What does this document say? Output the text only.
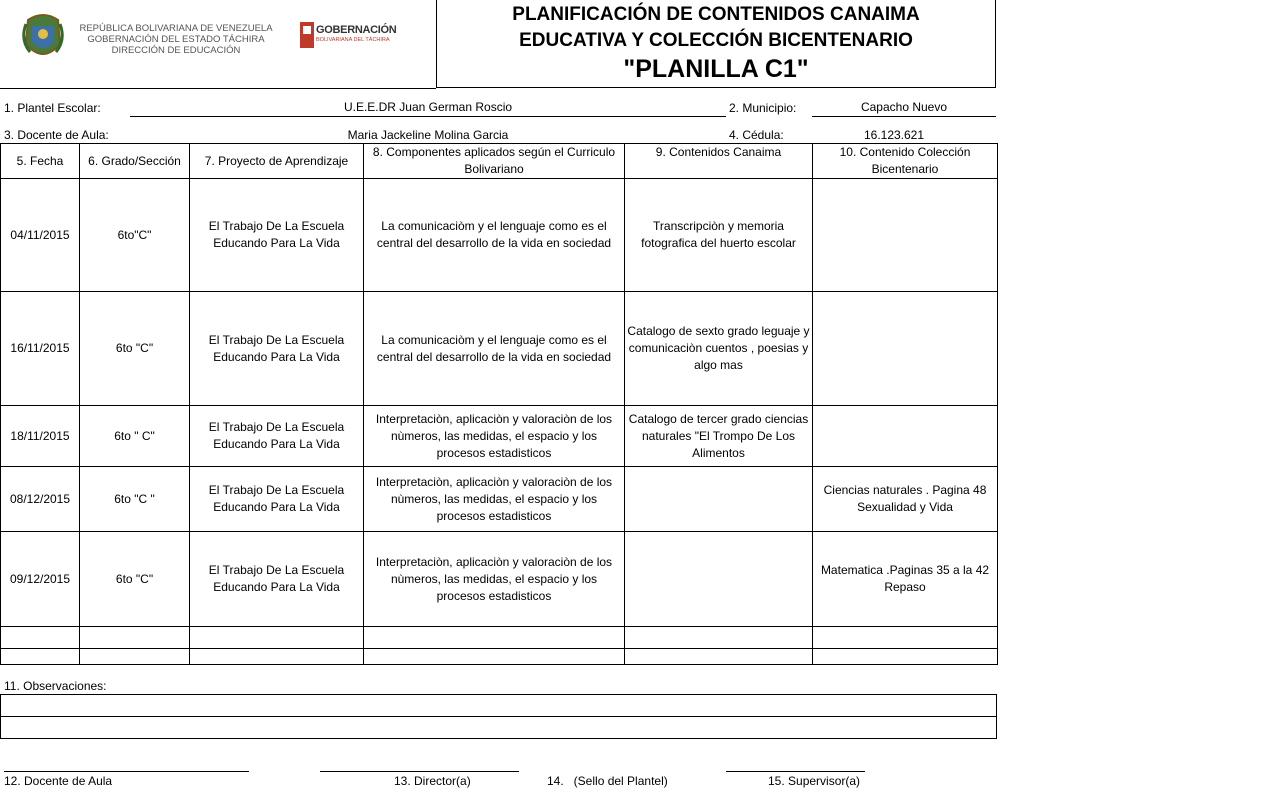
REPÚBLICA BOLIVARIANA DE VENEZUELA
GOBERNACIÓN DEL ESTADO TÁCHIRA
DIRECCIÓN DE EDUCACIÓN
GOBERNACIÓN
BOLIVARIANA DEL TÁCHIRA
PLANIFICACIÓN DE CONTENIDOS CANAIMA
EDUCATIVA Y COLECCIÓN BICENTENARIO
"PLANILLA C1"
1. Plantel Escolar:	U.E.E.DR Juan German Roscio	2. Municipio:	Capacho Nuevo
3. Docente de Aula:	Maria Jackeline Molina Garcia	4. Cédula:	16.123.621
5. Fecha	6. Grado/Sección	7. Proyecto de Aprendizaje	8. Componentes aplicados según el Curriculo Bolivariano	9. Contenidos Canaima	10. Contenido Colección Bicentenario
04/11/2015	6to"C"	El Trabajo De La Escuela Educando Para La Vida	La comunicaciòm y el lenguaje como es el central del desarrollo de la vida en sociedad	Transcripciòn y memoria fotografica del huerto escolar	
16/11/2015	6to "C"	El Trabajo De La Escuela Educando Para La Vida	La comunicaciòm y el lenguaje como es el central del desarrollo de la vida en sociedad	Catalogo de sexto grado leguaje y comunicaciòn cuentos , poesias y algo mas	
18/11/2015	6to " C"	El Trabajo De La Escuela Educando Para La Vida	Interpretaciòn, aplicaciòn y valoraciòn de los nùmeros, las medidas, el espacio y los procesos estadisticos	Catalogo de tercer grado ciencias naturales "El Trompo De Los Alimentos	
08/12/2015	6to "C "	El Trabajo De La Escuela Educando Para La Vida	Interpretaciòn, aplicaciòn y valoraciòn de los nùmeros, las medidas, el espacio y los procesos estadisticos		Ciencias naturales . Pagina 48 Sexualidad y Vida
09/12/2015	6to "C"	El Trabajo De La Escuela Educando Para La Vida	Interpretaciòn, aplicaciòn y valoraciòn de los nùmeros, las medidas, el espacio y los procesos estadisticos		Matematica .Paginas 35 a la 42 Repaso

11. Observaciones:
12. Docente de Aula	13. Director(a)	14.   (Sello del Plantel)	15. Supervisor(a)
